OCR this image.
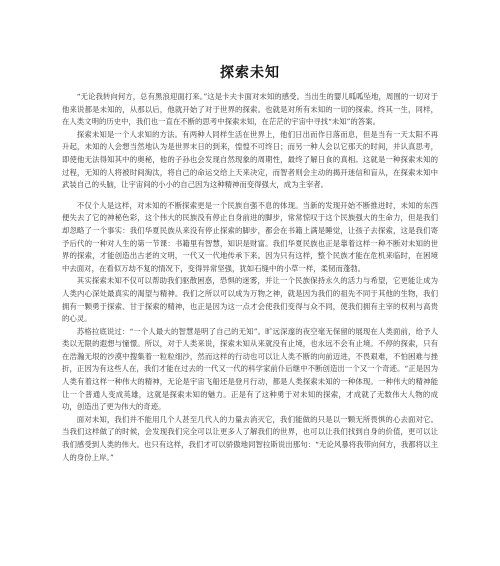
探索未知

“无论我转向何方，总有黑浪迎面打来。”这是卡夫卡面对未知的感受。当出生的婴儿呱呱坠地，周围的一切对于他来说都是未知的，从那以后，他就开始了对于世界的探索。也就是对所有未知的一切的探索。终其一生，同样，在人类文明的历史中，我们也一直在不断的思考中探索未知，在茫茫的宇宙中寻找“未知”的答案。

探索未知是一个人求知的方法。有两种人同样生活在世界上，他们日出而作日落而息，但是当有一天太阳不再升起，未知的人会想当然地认为是世界末日的到来，惶惶不可终日；而另一种人会以它那天的时间，并认真思考，即使他无法得知其中的奥秘，他的子孙也会发现自然现象的周期性，最终了解日食的真相。这就是一种探索未知的过程，无知的人将被时间淘汰，将自己的命运交给上天来决定，而智者则会主动的揭开迷信和盲从，在探索未知中武装自己的头脑，让宇宙间的小小的自己因为这种精神而变得强大，成为主宰者。

不仅个人是这样，对未知的不断探索更是一个民族自强不息的体现。当新的发现开始不断推进时，未知的东西便失去了它的神秘色彩，这个伟大的民族没有停止自身前进的脚步，常常惊叹于这个民族强大的生命力，但是我们却忽略了一个事实：我们华夏民族从来没有停止探索的脚步，都会在书籍上满是睡觉，让孩子去探索，这是我们寄予后代的一种对人生的第一节课：书籍里有智慧，知识是财富。我们华夏民族也正是靠着这样一种不断对未知的世界的探索，才能创造出古老的文明，一代又一代地传承下来。因为只有这样，整个民族才能在危机来临时，在困境中去面对，在看似万劫不复的情况下，变得异常坚强，犹如石缝中的小草一样，柔韧而蓬勃。

其实探索未知不仅可以帮助我们驱散困惑，恐惧的迷雾，并让一个民族保持永久的活力与希望，它更能让成为人类内心深处最真实的渴望与精神。我们之所以可以成为万物之神，就是因为我们的祖先不同于其他的生物，我们拥有一颗勇于探索、甘于探索的精神，也正是因为这一点才会使我们变得与众不同，使我们拥有主宰的权利与高贵的心灵。

苏格拉底说过：“一个人最大的智慧是明了自己的无知”。旷远深邃的夜空毫无保留的展现在人类面前，给予人类以无限的遐想与憧憬。所以，对于人类来说，探索未知从来就没有止境，也永远不会有止境。不停的探索，只有在浩瀚无垠的沙漠中搜集着一粒粒细沙，然而这样的行动也可以让人类不断的向前迈进，不畏艰难，不怕困难与挫折，正因为有这些人在，我们才能在过去的一代又一代的科学家前仆后继中不断创造出一个又一个奇迹。“正是因为人类有着这样一种伟大的精神，无论是宇宙飞船还是登月行动，都是人类探索未知的一种体现。一种伟大的精神能让一个普通人变成英雄，这就是探索未知的魅力。正是有了这种勇于对未知的探索，才成就了无数伟大人物的成功，创造出了更为伟大的奇迹。

面对未知，我们并不能用几个人甚至几代人的力量去消灭它，我们能做的只是以一颗无所畏惧的心去面对它。当我们这样做了的时候，会发现我们完全可以让更多人了解我们的世界，也可以让我们找到自身的价值，更可以让我们感受到人类的伟大。也只有这样，我们才可以骄傲地同智拉斯说出那句：“无论风暴将我带向何方，我都将以主人的身份上岸。”
